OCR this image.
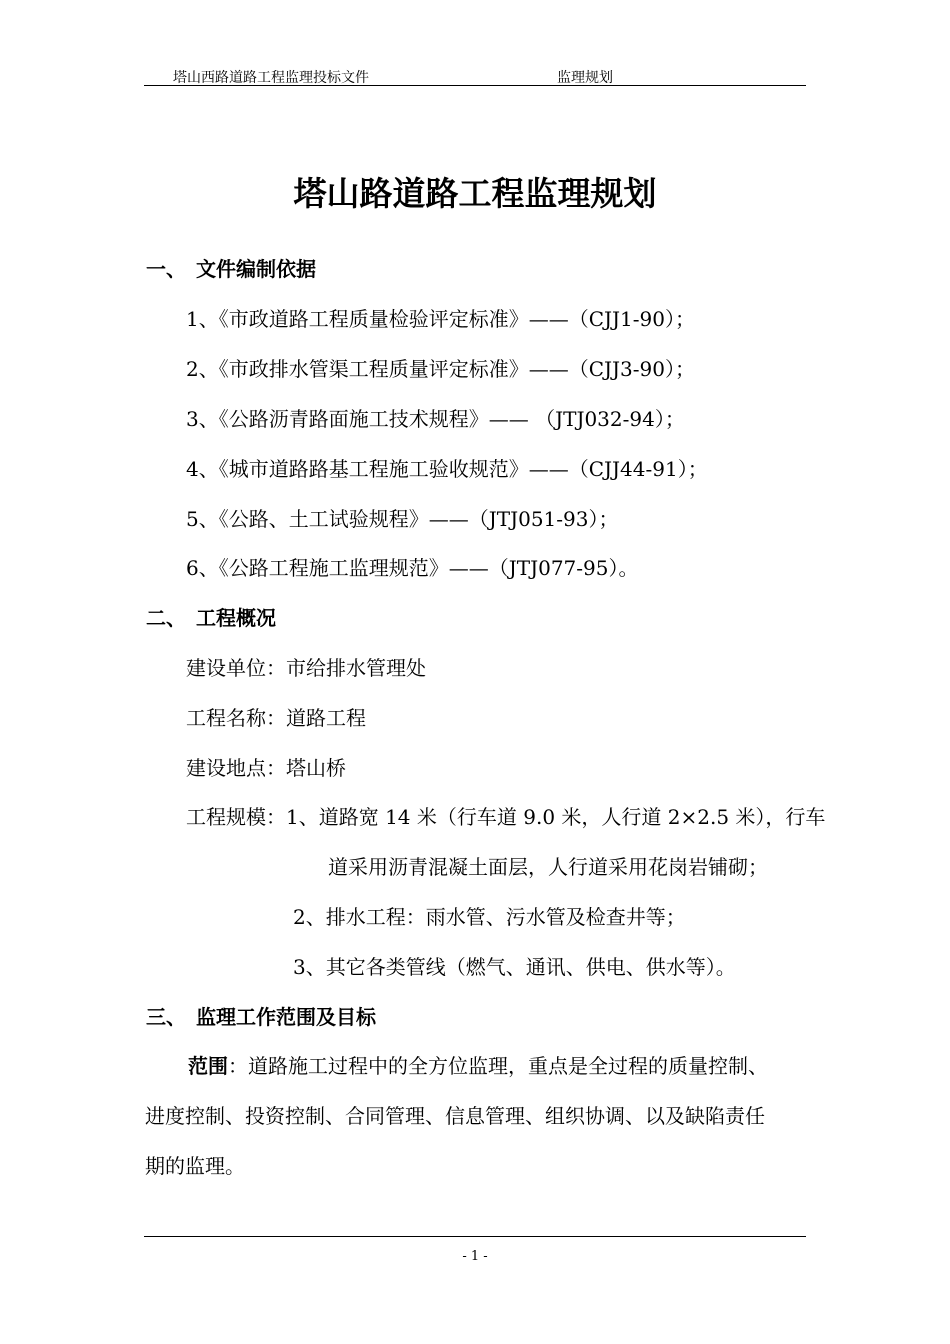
塔山西路道路工程监理投标文件	监理规划
塔山路道路工程监理规划
一、 文件编制依据
1、《市政道路工程质量检验评定标准》——（CJJ1-90）；
2、《市政排水管渠工程质量评定标准》——（CJJ3-90）；
3、《公路沥青路面施工技术规程》—— （JTJ032-94）；
4、《城市道路路基工程施工验收规范》——（CJJ44-91）；
5、《公路、土工试验规程》——（JTJ051-93）；
6、《公路工程施工监理规范》——（JTJ077-95）。
二、 工程概况
建设单位：市给排水管理处
工程名称：道路工程
建设地点：塔山桥
工程规模：1、道路宽 14 米（行车道 9.0 米，人行道 2×2.5 米），行车
道采用沥青混凝土面层，人行道采用花岗岩铺砌；
2、排水工程：雨水管、污水管及检查井等；
3、其它各类管线（燃气、通讯、供电、供水等）。
三、 监理工作范围及目标
范围：道路施工过程中的全方位监理，重点是全过程的质量控制、
进度控制、投资控制、合同管理、信息管理、组织协调、以及缺陷责任
期的监理。
- 1 -
